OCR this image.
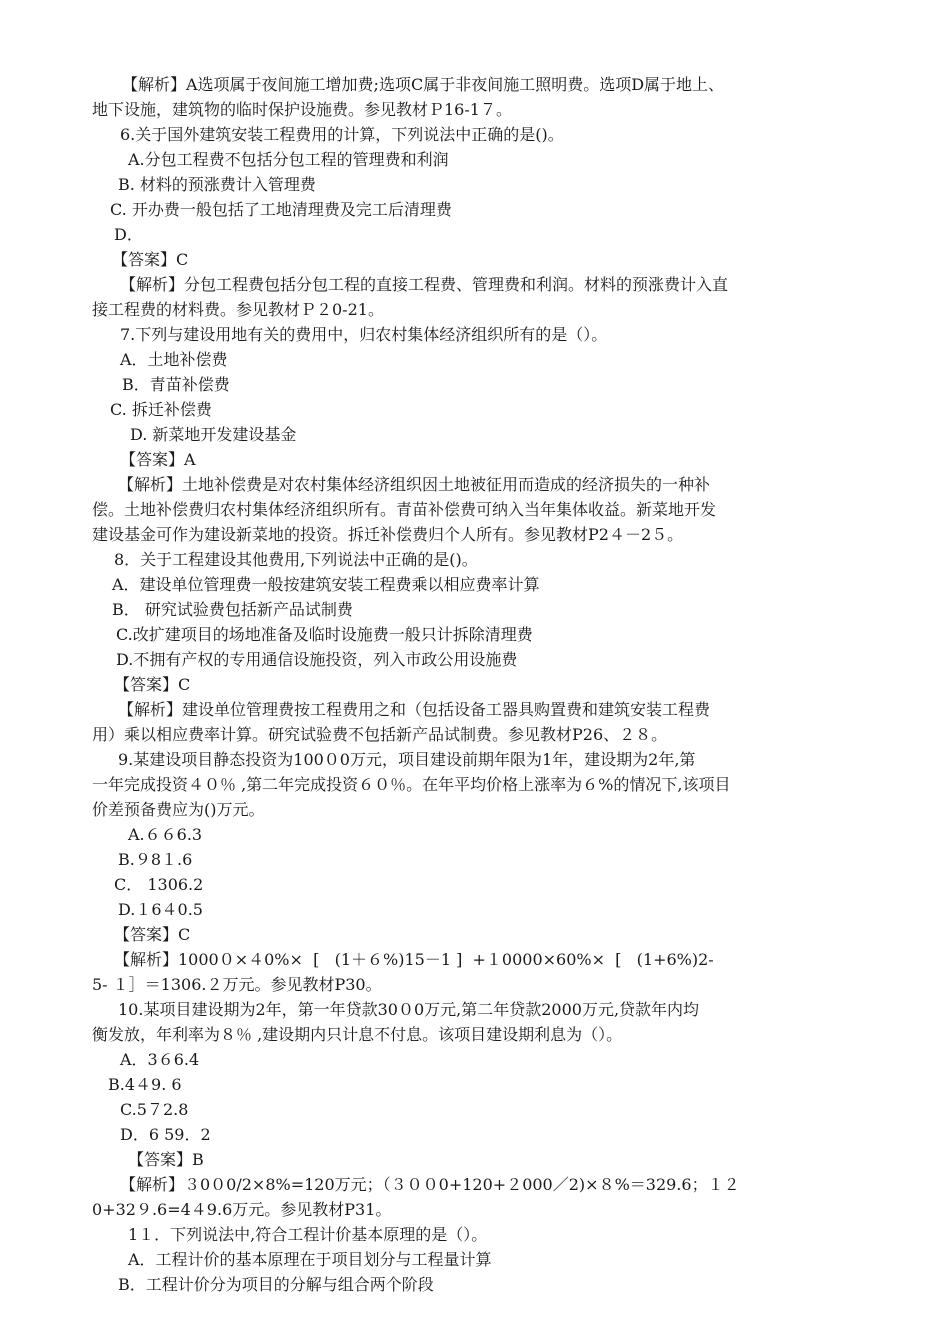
【解析】A选项属于夜间施工增加费;选项C属于非夜间施工照明费。选项D属于地上、
地下设施，建筑物的临时保护设施费。参见教材Ｐ16-1７。
6.关于国外建筑安装工程费用的计算，下列说法中正确的是()。
A.分包工程费不包括分包工程的管理费和利润
B. 材料的预涨费计入管理费
C. 开办费一般包括了工地清理费及完工后清理费
D．
【答案】C
【解析】分包工程费包括分包工程的直接工程费、管理费和利润。材料的预涨费计入直
接工程费的材料费。参见教材Ｐ２0-21。
7.下列与建设用地有关的费用中，归农村集体经济组织所有的是（）。
A．土地补偿费
B．青苗补偿费
C. 拆迁补偿费
D. 新菜地开发建设基金
【答案】A
【解析】土地补偿费是对农村集体经济组织因土地被征用而造成的经济损失的一种补
偿。土地补偿费归农村集体经济组织所有。青苗补偿费可纳入当年集体收益。新菜地开发
建设基金可作为建设新菜地的投资。拆迁补偿费归个人所有。参见教材P2４－2５。
8．关于工程建设其他费用,下列说法中正确的是()。
A．建设单位管理费一般按建筑安装工程费乘以相应费率计算
B． 研究试验费包括新产品试制费
C.改扩建项目的场地准备及临时设施费一般只计拆除清理费
D.不拥有产权的专用通信设施投资，列入市政公用设施费
【答案】C
【解析】建设单位管理费按工程费用之和（包括设备工器具购置费和建筑安装工程费
用）乘以相应费率计算。研究试验费不包括新产品试制费。参见教材P26、２８。
9.某建设项目静态投资为100０0万元，项目建设前期年限为1年，建设期为2年,第
一年完成投资４０％ ,第二年完成投资６０％。在年平均价格上涨率为６%的情况下,该项目
价差预备费应为()万元。
A.６６6.3
B.９8１.6
C． 1306.2
D.１6４0.5
【答案】C
【解析】1000０×４0%×  [   (1＋６%)15－1 ]  +１0000×60%×  [   (1+6%)2-
5- １］＝1306.２万元。参见教材P30。
10.某项目建设期为2年，第一年贷款30０0万元,第二年贷款2000万元,贷款年内均
衡发放，年利率为８％ ,建设期内只计息不付息。该项目建设期利息为（）。
A．3６6.4
B.4４9. 6
C.5７2.8
D．6 59．2
【答案】B
【解析】３0０0/2×8%=120万元；（３００0+120+２000／2)×８%＝329.6；１２
0+32９.6=4４9.6万元。参见教材P31。
1１．下列说法中,符合工程计价基本原理的是（）。
A．工程计价的基本原理在于项目划分与工程量计算
B．工程计价分为项目的分解与组合两个阶段
